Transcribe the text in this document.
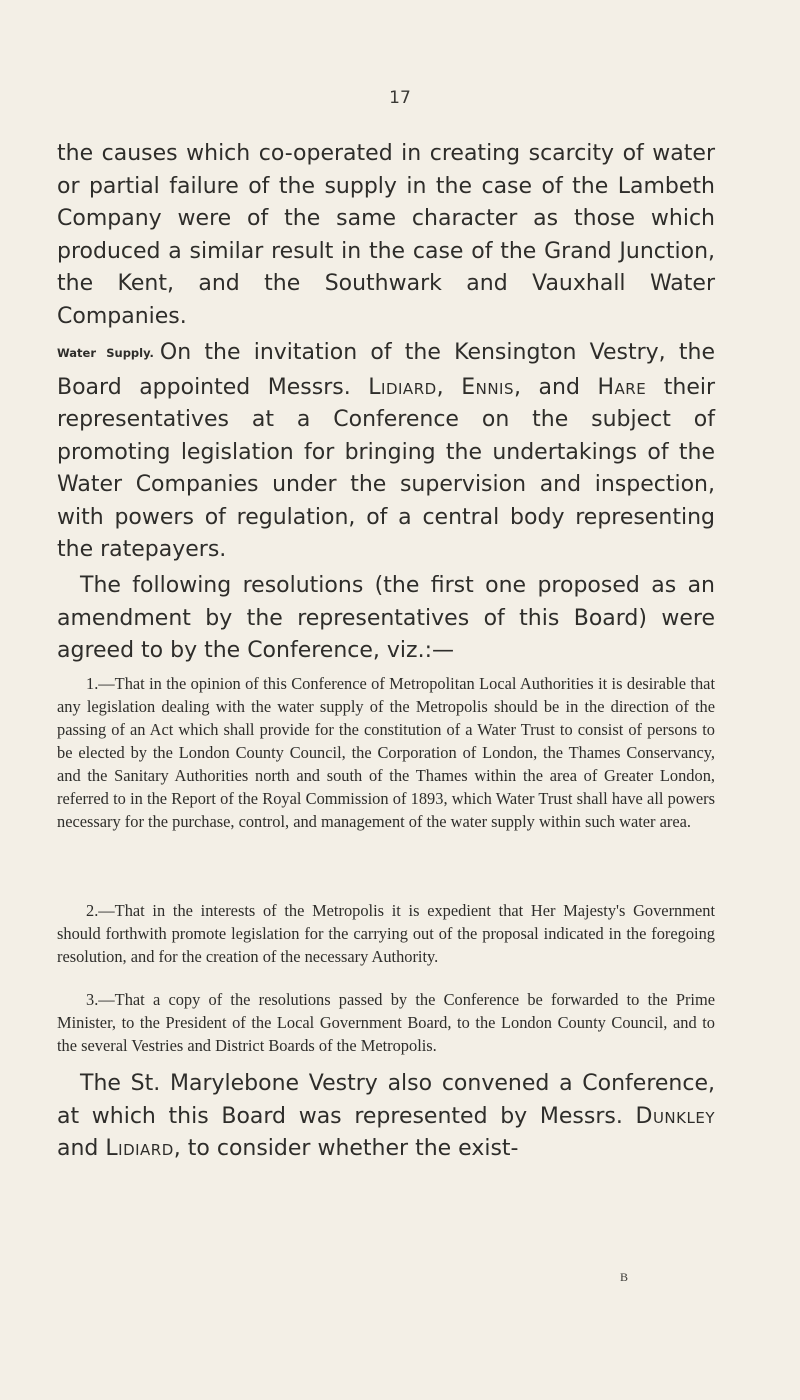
17

the causes which co-operated in creating scarcity of water or partial failure of the supply in the case of the Lambeth Company were of the same character as those which produced a similar result in the case of the Grand Junction, the Kent, and the Southwark and Vauxhall Water Companies.

Water Supply. On the invitation of the Kensington Vestry, the Board appointed Messrs. Lidiard, Ennis, and Hare their representatives at a Conference on the subject of promoting legislation for bringing the undertakings of the Water Companies under the supervision and inspection, with powers of regulation, of a central body representing the ratepayers.

The following resolutions (the first one proposed as an amendment by the representatives of this Board) were agreed to by the Conference, viz.:—

1.—That in the opinion of this Conference of Metropolitan Local Authorities it is desirable that any legislation dealing with the water supply of the Metropolis should be in the direction of the passing of an Act which shall provide for the constitution of a Water Trust to consist of persons to be elected by the London County Council, the Corporation of London, the Thames Conservancy, and the Sanitary Authorities north and south of the Thames within the area of Greater London, referred to in the Report of the Royal Commission of 1893, which Water Trust shall have all powers necessary for the purchase, control, and management of the water supply within such water area.

2.—That in the interests of the Metropolis it is expedient that Her Majesty's Government should forthwith promote legislation for the carrying out of the proposal indicated in the foregoing resolution, and for the creation of the necessary Authority.

3.—That a copy of the resolutions passed by the Conference be forwarded to the Prime Minister, to the President of the Local Government Board, to the London County Council, and to the several Vestries and District Boards of the Metropolis.

The St. Marylebone Vestry also convened a Conference, at which this Board was represented by Messrs. Dunkley and Lidiard, to consider whether the exist-

B
